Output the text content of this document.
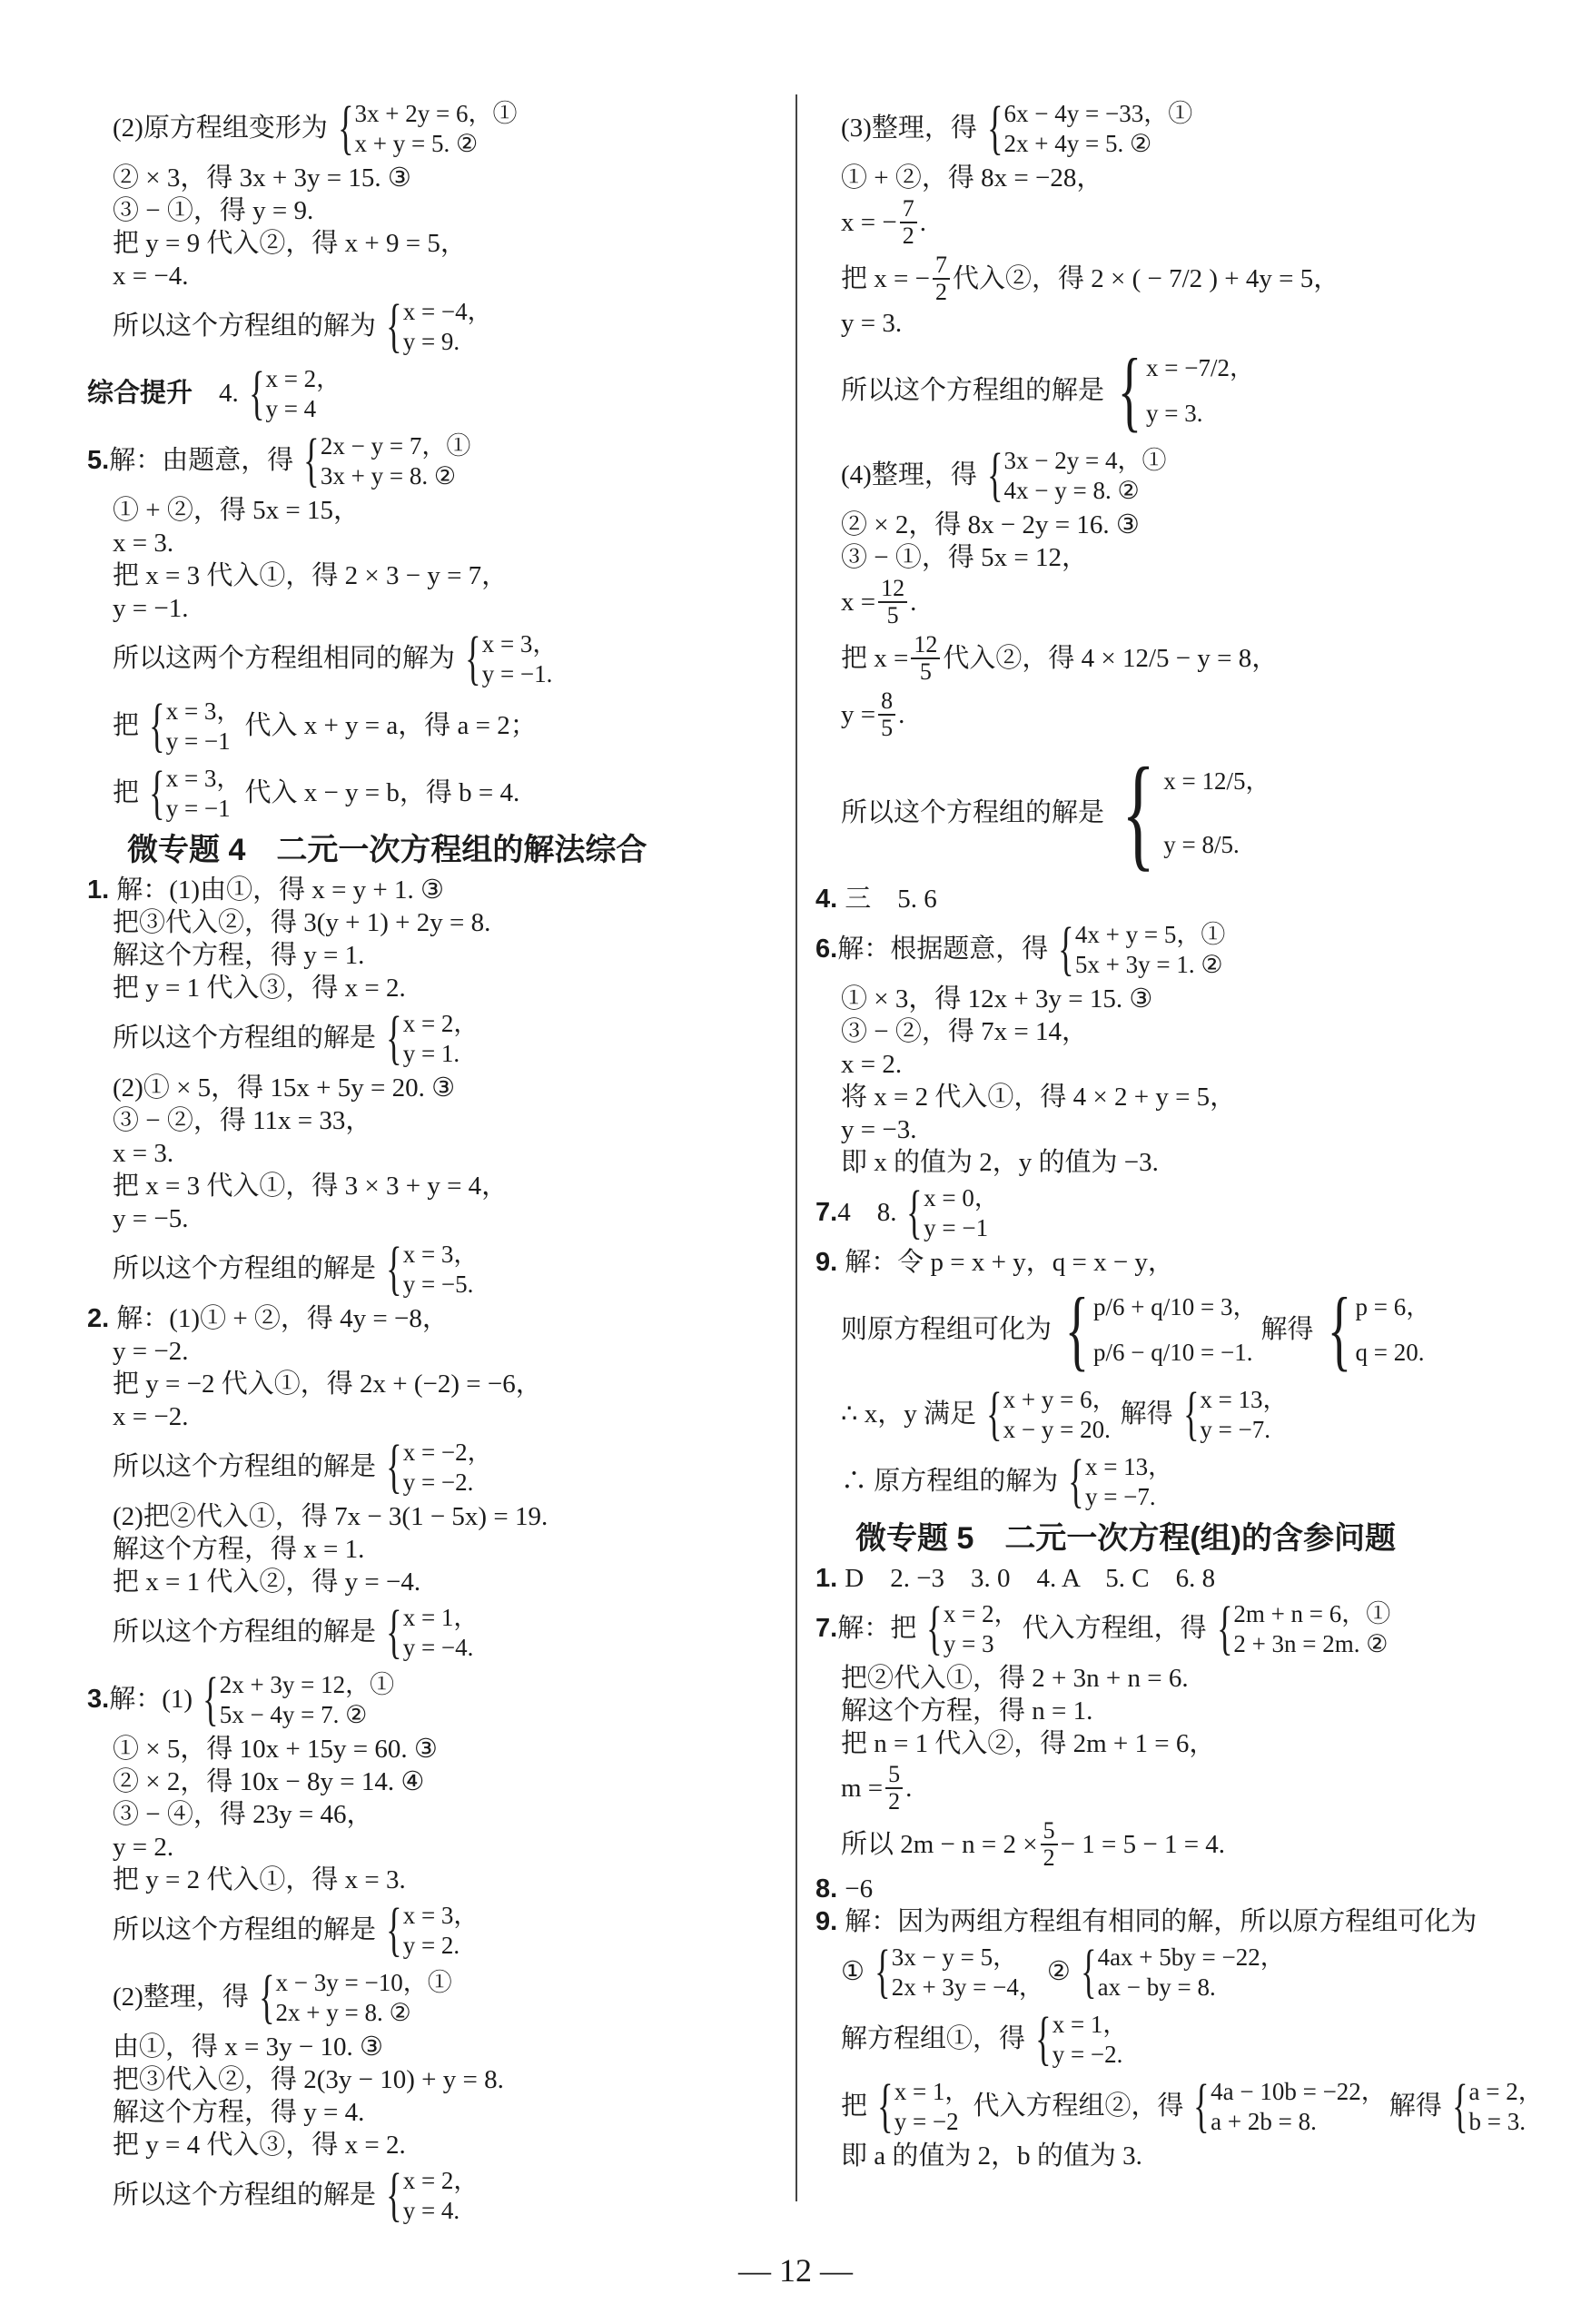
(2)原方程组变形为 { 3x + 2y = 6，①
x + y = 5. ②
② × 3，得 3x + 3y = 15. ③
③ − ①，得 y = 9.
把 y = 9 代入②，得 x + 9 = 5，
x = −4.
所以这个方程组的解为 { x = −4，
y = 9.
综合提升　 4. { x = 2，
y = 4
5. 解：由题意，得 { 2x − y = 7，①
3x + y = 8. ②
① + ②，得 5x = 15，
x = 3.
把 x = 3 代入①，得 2 × 3 − y = 7，
y = −1.
所以这两个方程组相同的解为 { x = 3，
y = −1.
把 { x = 3，
y = −1
代入 x + y = a，得 a = 2；
把 { x = 3，
y = −1
代入 x − y = b，得 b = 4.
微专题 4　二元一次方程组的解法综合
1. 解：(1)由①，得 x = y + 1. ③
把③代入②，得 3(y + 1) + 2y = 8.
解这个方程，得 y = 1.
把 y = 1 代入③，得 x = 2.
所以这个方程组的解是 { x = 2，
y = 1.
(2)① × 5，得 15x + 5y = 20. ③
③ − ②，得 11x = 33，
x = 3.
把 x = 3 代入①，得 3 × 3 + y = 4，
y = −5.
所以这个方程组的解是 { x = 3，
y = −5.
2. 解：(1)① + ②，得 4y = −8，
y = −2.
把 y = −2 代入①，得 2x + (−2) = −6，
x = −2.
所以这个方程组的解是 { x = −2，
y = −2.
(2)把②代入①，得 7x − 3(1 − 5x) = 19.
解这个方程，得 x = 1.
把 x = 1 代入②，得 y = −4.
所以这个方程组的解是 { x = 1，
y = −4.
3. 解：(1) { 2x + 3y = 12，①
5x − 4y = 7. ②
① × 5，得 10x + 15y = 60. ③
② × 2，得 10x − 8y = 14. ④
③ − ④，得 23y = 46，
y = 2.
把 y = 2 代入①，得 x = 3.
所以这个方程组的解是 { x = 3，
y = 2.
(2)整理，得 { x − 3y = −10，①
2x + y = 8. ②
由①，得 x = 3y − 10. ③
把③代入②，得 2(3y − 10) + y = 8.
解这个方程，得 y = 4.
把 y = 4 代入③，得 x = 2.
所以这个方程组的解是 { x = 2，
y = 4.
(3)整理，得 { 6x − 4y = −33，①
2x + 4y = 5. ②
① + ②，得 8x = −28，
x = − $\frac{7}{2}$ .
把 x = − $\frac{7}{2}$ 代入②，得 2 × ( − 7/2 ) + 4y = 5，
y = 3.
所以这个方程组的解是 { x = −7/2，
y = 3.
(4)整理，得 { 3x − 2y = 4，①
4x − y = 8. ②
② × 2，得 8x − 2y = 16. ③
③ − ①，得 5x = 12，
$x = \frac{12}{5}$ .
把 $x = \frac{12}{5}$ 代入②，得 4 × 12/5 − y = 8，
$y = \frac{8}{5}$ .
所以这个方程组的解是 { x = 12/5，
y = 8/5.
4. 三　5. 6
6. 解：根据题意，得 { 4x + y = 5，①
5x + 3y = 1. ②
① × 3，得 12x + 3y = 15. ③
③ − ②，得 7x = 14，
x = 2.
将 x = 2 代入①，得 4 × 2 + y = 5，
y = −3.
即 x 的值为 2，y 的值为 −3.
7. 4　8. { x = 0，
y = −1
9. 解：令 p = x + y，q = x − y，
则原方程组可化为 { p/6 + q/10 = 3，
p/6 − q/10 = −1.
解得 { p = 6，
q = 20.
∴ x，y 满足 { x + y = 6，
x − y = 20.
解得 { x = 13，
y = −7.
∴ 原方程组的解为 { x = 13，
y = −7.
微专题 5　二元一次方程(组)的含参问题
1. D　2. −3　3. 0　4. A　5. C　6. 8
7. 解：把 { x = 2，
y = 3
代入方程组，得 { 2m + n = 6，①
2 + 3n = 2m. ②
把②代入①，得 2 + 3n + n = 6.
解这个方程，得 n = 1.
把 n = 1 代入②，得 2m + 1 = 6，
$m = \frac{5}{2}$ .
所以 $2m - n = 2 \times \frac{5}{2} - 1 = 5 - 1 = 4$.
8. −6
9. 解：因为两组方程组有相同的解，所以原方程组可化为
① { 3x − y = 5，
2x + 3y = −4，
② { 4ax + 5by = −22，
ax − by = 8.
解方程组①，得 { x = 1，
y = −2.
把 { x = 1，
y = −2
代入方程组②，得 { 4a − 10b = −22，
a + 2b = 8.
解得 { a = 2，
b = 3.
即 a 的值为 2，b 的值为 3.
— 12 —
